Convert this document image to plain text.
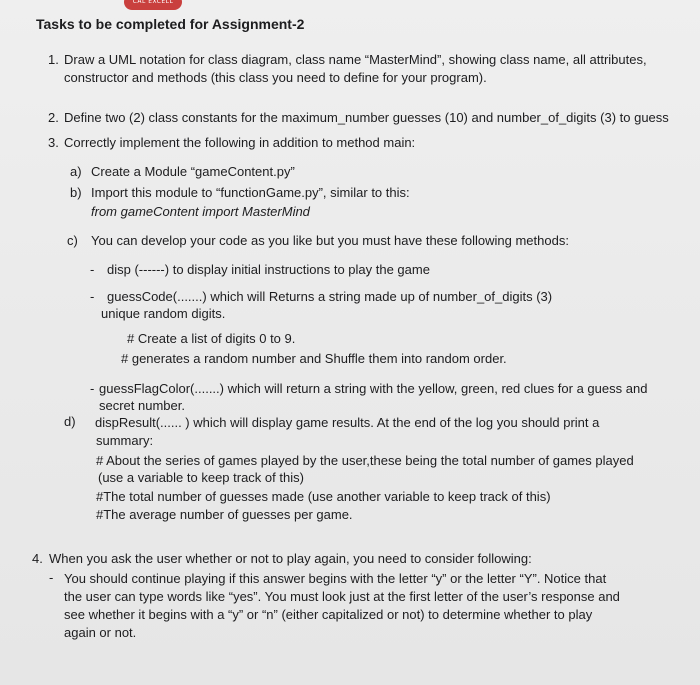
CAL EXCELL
Tasks to be completed for Assignment-2
1. Draw a UML notation for class diagram, class name “MasterMind”, showing class name, all attributes,
constructor and methods (this class you need to define for your program).
2. Define two (2) class constants for the maximum_number guesses (10) and number_of_digits (3) to guess
3. Correctly implement the following in addition to method main:
a) Create a Module “gameContent.py”
b) Import this module to “functionGame.py”, similar to this:
from gameContent import MasterMind
c) You can develop your code as you like but you must have these following methods:
- disp (------) to display initial instructions to play the game
- guessCode(.......) which will Returns a string made up of number_of_digits (3)
unique random digits.
# Create a list of digits 0 to 9.
# generates a random number and Shuffle them into random order.
- guessFlagColor(.......) which will return a string with the yellow, green, red clues for a guess and
secret number.
d) dispResult(...... ) which will display game results. At the end of the log you should print a
summary:
# About the series of games played by the user,these being the total number of games played
(use a variable to keep track of this)
#The total number of guesses made (use another variable to keep track of this)
#The average number of guesses per game.
4. When you ask the user whether or not to play again, you need to consider following:
- You should continue playing if this answer begins with the letter “y” or the letter “Y”. Notice that
the user can type words like “yes”. You must look just at the first letter of the user’s response and
see whether it begins with a “y” or “n” (either capitalized or not) to determine whether to play
again or not.
